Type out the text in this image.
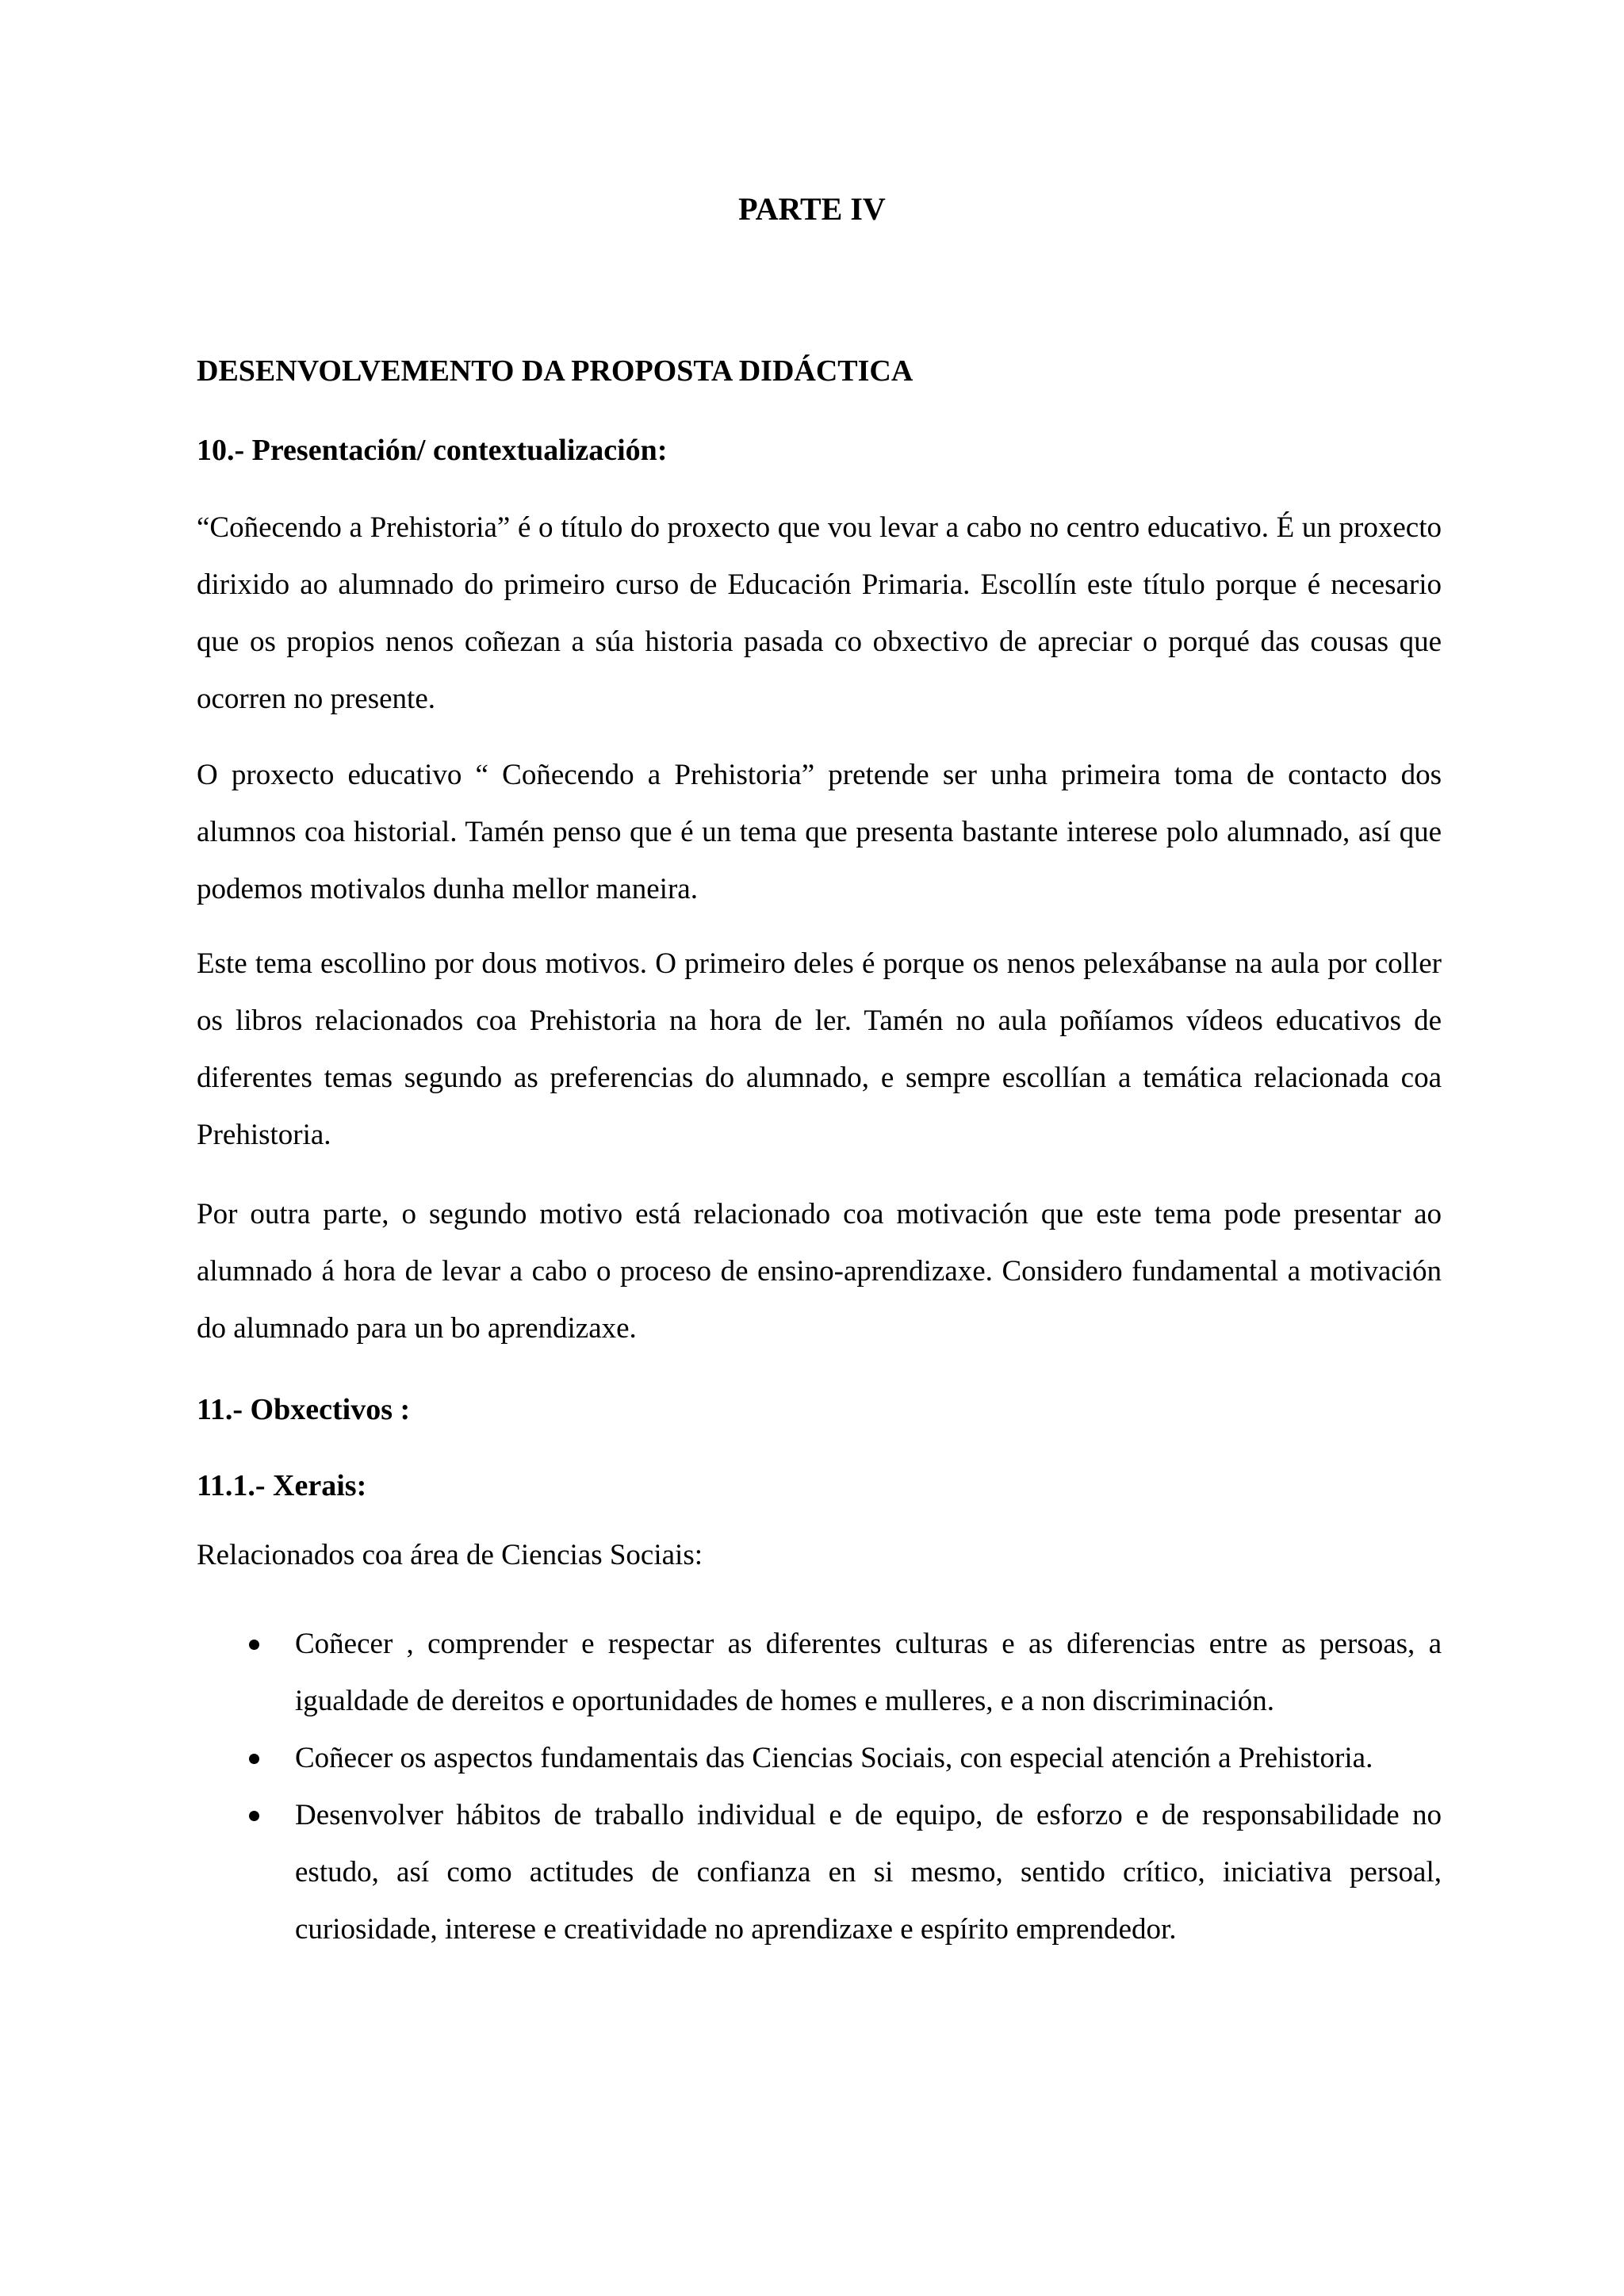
PARTE IV
DESENVOLVEMENTO DA PROPOSTA DIDÁCTICA
10.- Presentación/ contextualización:

“Coñecendo a Prehistoria” é o título do proxecto que vou levar a cabo no centro educativo. É un proxecto dirixido ao alumnado do primeiro curso de Educación Primaria. Escollín este título porque é necesario que os propios nenos coñezan a súa historia pasada co obxectivo de apreciar o porqué das cousas que ocorren no presente.

O proxecto educativo “ Coñecendo a Prehistoria” pretende ser unha primeira toma de contacto dos alumnos coa historial. Tamén penso que é un tema que presenta bastante interese polo alumnado, así que podemos motivalos dunha mellor maneira.

Este tema escollino por dous motivos. O primeiro deles é porque os nenos pelexábanse na aula por coller os libros relacionados coa Prehistoria na hora de ler. Tamén no aula poñíamos vídeos educativos de diferentes temas segundo as preferencias do alumnado, e sempre escollían a temática relacionada coa Prehistoria.

Por outra parte, o segundo motivo está relacionado coa motivación que este tema pode presentar ao alumnado á hora de levar a cabo o proceso de ensino-aprendizaxe. Considero fundamental a motivación do alumnado para un bo aprendizaxe.

11.- Obxectivos :
11.1.- Xerais:

Relacionados coa área de Ciencias Sociais:

Coñecer , comprender e respectar as diferentes culturas e as diferencias entre as persoas, a igualdade de dereitos e oportunidades de homes e mulleres, e a non discriminación.
Coñecer os aspectos fundamentais das Ciencias Sociais, con especial atención a Prehistoria.
Desenvolver hábitos de traballo individual e de equipo, de esforzo e de responsabilidade no estudo, así como actitudes de confianza en si mesmo, sentido crítico, iniciativa persoal, curiosidade, interese e creatividade no aprendizaxe e espírito emprendedor.
